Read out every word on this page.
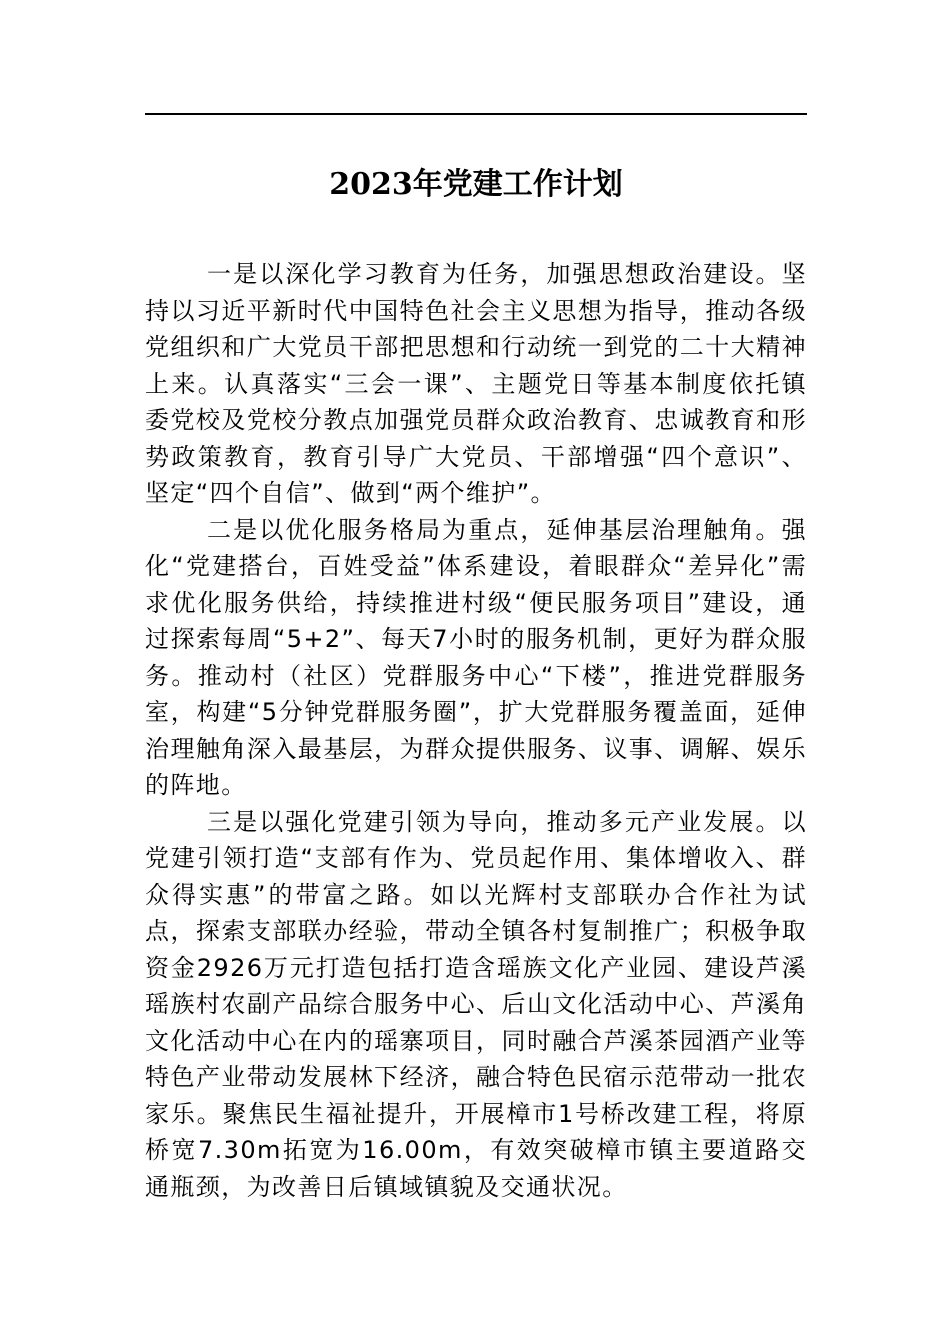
2023年党建工作计划

一是以深化学习教育为任务，加强思想政治建设。坚持以习近平新时代中国特色社会主义思想为指导，推动各级党组织和广大党员干部把思想和行动统一到党的二十大精神上来。认真落实“三会一课”、主题党日等基本制度依托镇委党校及党校分教点加强党员群众政治教育、忠诚教育和形势政策教育，教育引导广大党员、干部增强“四个意识”、坚定“四个自信”、做到“两个维护”。

二是以优化服务格局为重点，延伸基层治理触角。强化“党建搭台，百姓受益”体系建设，着眼群众“差异化”需求优化服务供给，持续推进村级“便民服务项目”建设，通过探索每周“5+2”、每天7小时的服务机制，更好为群众服务。推动村（社区）党群服务中心“下楼”，推进党群服务室，构建“5分钟党群服务圈”，扩大党群服务覆盖面，延伸治理触角深入最基层，为群众提供服务、议事、调解、娱乐的阵地。

三是以强化党建引领为导向，推动多元产业发展。以党建引领打造“支部有作为、党员起作用、集体增收入、群众得实惠”的带富之路。如以光辉村支部联办合作社为试点，探索支部联办经验，带动全镇各村复制推广；积极争取资金2926万元打造包括打造含瑶族文化产业园、建设芦溪瑶族村农副产品综合服务中心、后山文化活动中心、芦溪角文化活动中心在内的瑶寨项目，同时融合芦溪茶园酒产业等特色产业带动发展林下经济，融合特色民宿示范带动一批农家乐。聚焦民生福祉提升，开展樟市1号桥改建工程，将原桥宽7.30m拓宽为16.00m，有效突破樟市镇主要道路交通瓶颈，为改善日后镇域镇貌及交通状况。
